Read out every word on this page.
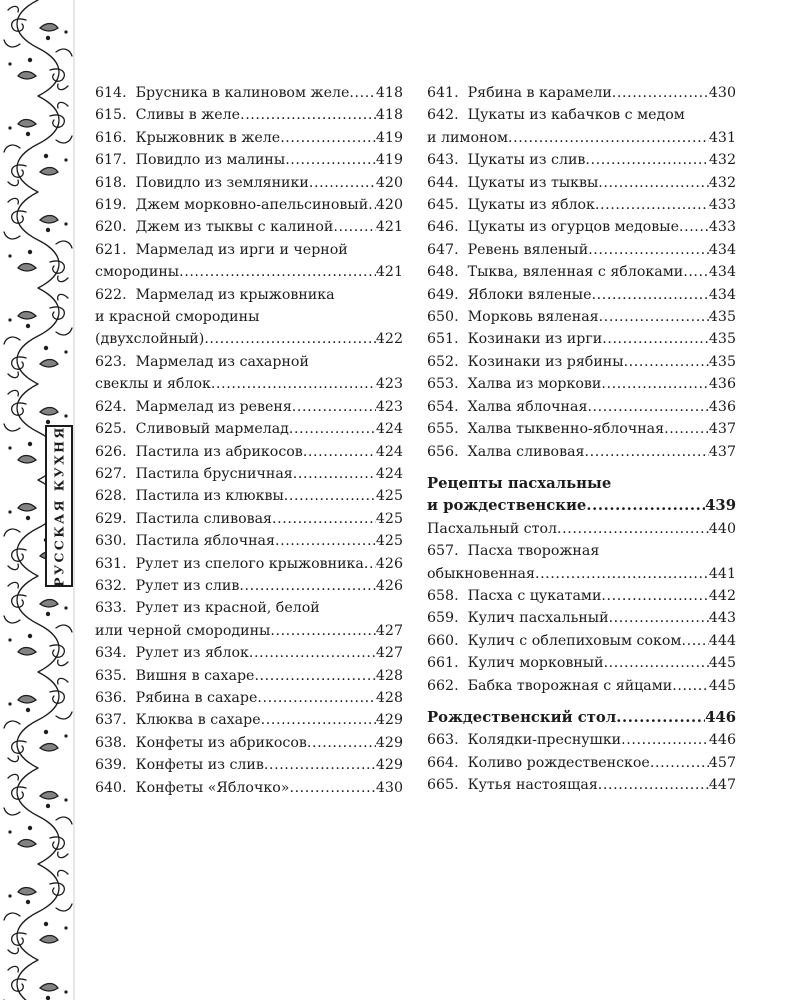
РУССКАЯ КУХНЯ
614. Брусника в калиновом желе ..... 418
615. Сливы в желе .....	418
616. Крыжовник в желе .....	419
617. Повидло из малины .....	419
618. Повидло из земляники .....	420
619. Джем морковно-апельсиновый ..... 420
620. Джем из тыквы с калиной .....	421
621. Мармелад из ирги и черной
смородины .....	421
622. Мармелад из крыжовника
и красной смородины
(двухслойный) .....	422
623. Мармелад из сахарной
свеклы и яблок .....	423
624. Мармелад из ревеня .....	423
625. Сливовый мармелад .....	424
626. Пастила из абрикосов .....	424
627. Пастила брусничная .....	424
628. Пастила из клюквы .....	425
629. Пастила сливовая .....	425
630. Пастила яблочная .....	425
631. Рулет из спелого крыжовника ..... 426
632. Рулет из слив .....	426
633. Рулет из красной, белой
или черной смородины .....	427
634. Рулет из яблок .....	427
635. Вишня в сахаре .....	428
636. Рябина в сахаре .....	428
637. Клюква в сахаре .....	429
638. Конфеты из абрикосов .....	429
639. Конфеты из слив .....	429
640. Конфеты «Яблочко» .....	430
641. Рябина в карамели .....	430
642. Цукаты из кабачков с медом
и лимоном .....	431
643. Цукаты из слив .....	432
644. Цукаты из тыквы .....	432
645. Цукаты из яблок .....	433
646. Цукаты из огурцов медовые ..... 433
647. Ревень вяленый .....	434
648. Тыква, вяленная с яблоками ..... 434
649. Яблоки вяленые .....	434
650. Морковь вяленая .....	435
651. Козинаки из ирги .....	435
652. Козинаки из рябины .....	435
653. Халва из моркови .....	436
654. Халва яблочная .....	436
655. Халва тыквенно-яблочная .....	437
656. Халва сливовая .....	437
Рецепты пасхальные
и рождественские .....	439
Пасхальный стол .....	440
657. Пасха творожная
обыкновенная .....	441
658. Пасха с цукатами .....	442
659. Кулич пасхальный .....	443
660. Кулич с облепиховым соком ..... 444
661. Кулич морковный .....	445
662. Бабка творожная с яйцами .....	445
Рождественский стол .....	446
663. Колядки-преснушки .....	446
664. Коливо рождественское .....	457
665. Кутья настоящая .....	447
